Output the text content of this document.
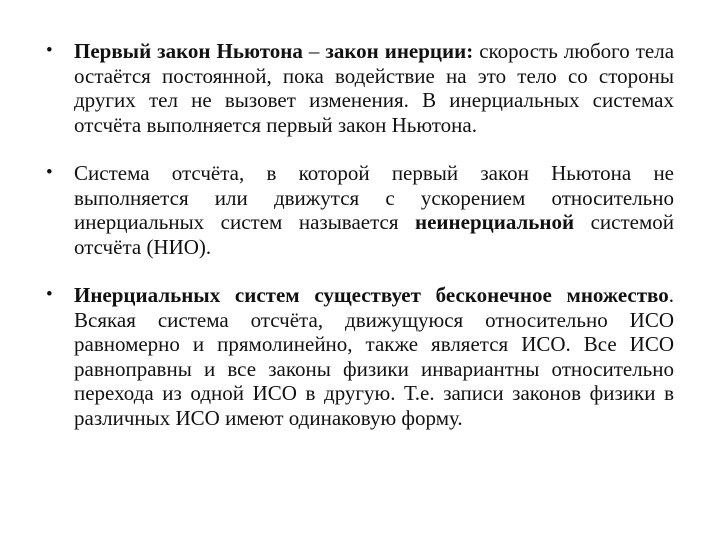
•	Первый закон Ньютона – закон инерции: скорость любого тела остаётся постоянной, пока водействие на это тело со стороны других тел не вызовет изменения. В инерциальных системах отсчёта выполняется первый закон Ньютона.
•	Система отсчёта, в которой первый закон Ньютона не выполняется или движутся с ускорением относительно инерциальных систем называется неинерциальной системой отсчёта (НИО).
•	Инерциальных систем существует бесконечное множество. Всякая система отсчёта, движущуюся относительно ИСО равномерно и прямолинейно, также является ИСО. Все ИСО равноправны и все законы физики инвариантны относительно перехода из одной ИСО в другую. Т.е. записи законов физики в различных ИСО имеют одинаковую форму.
